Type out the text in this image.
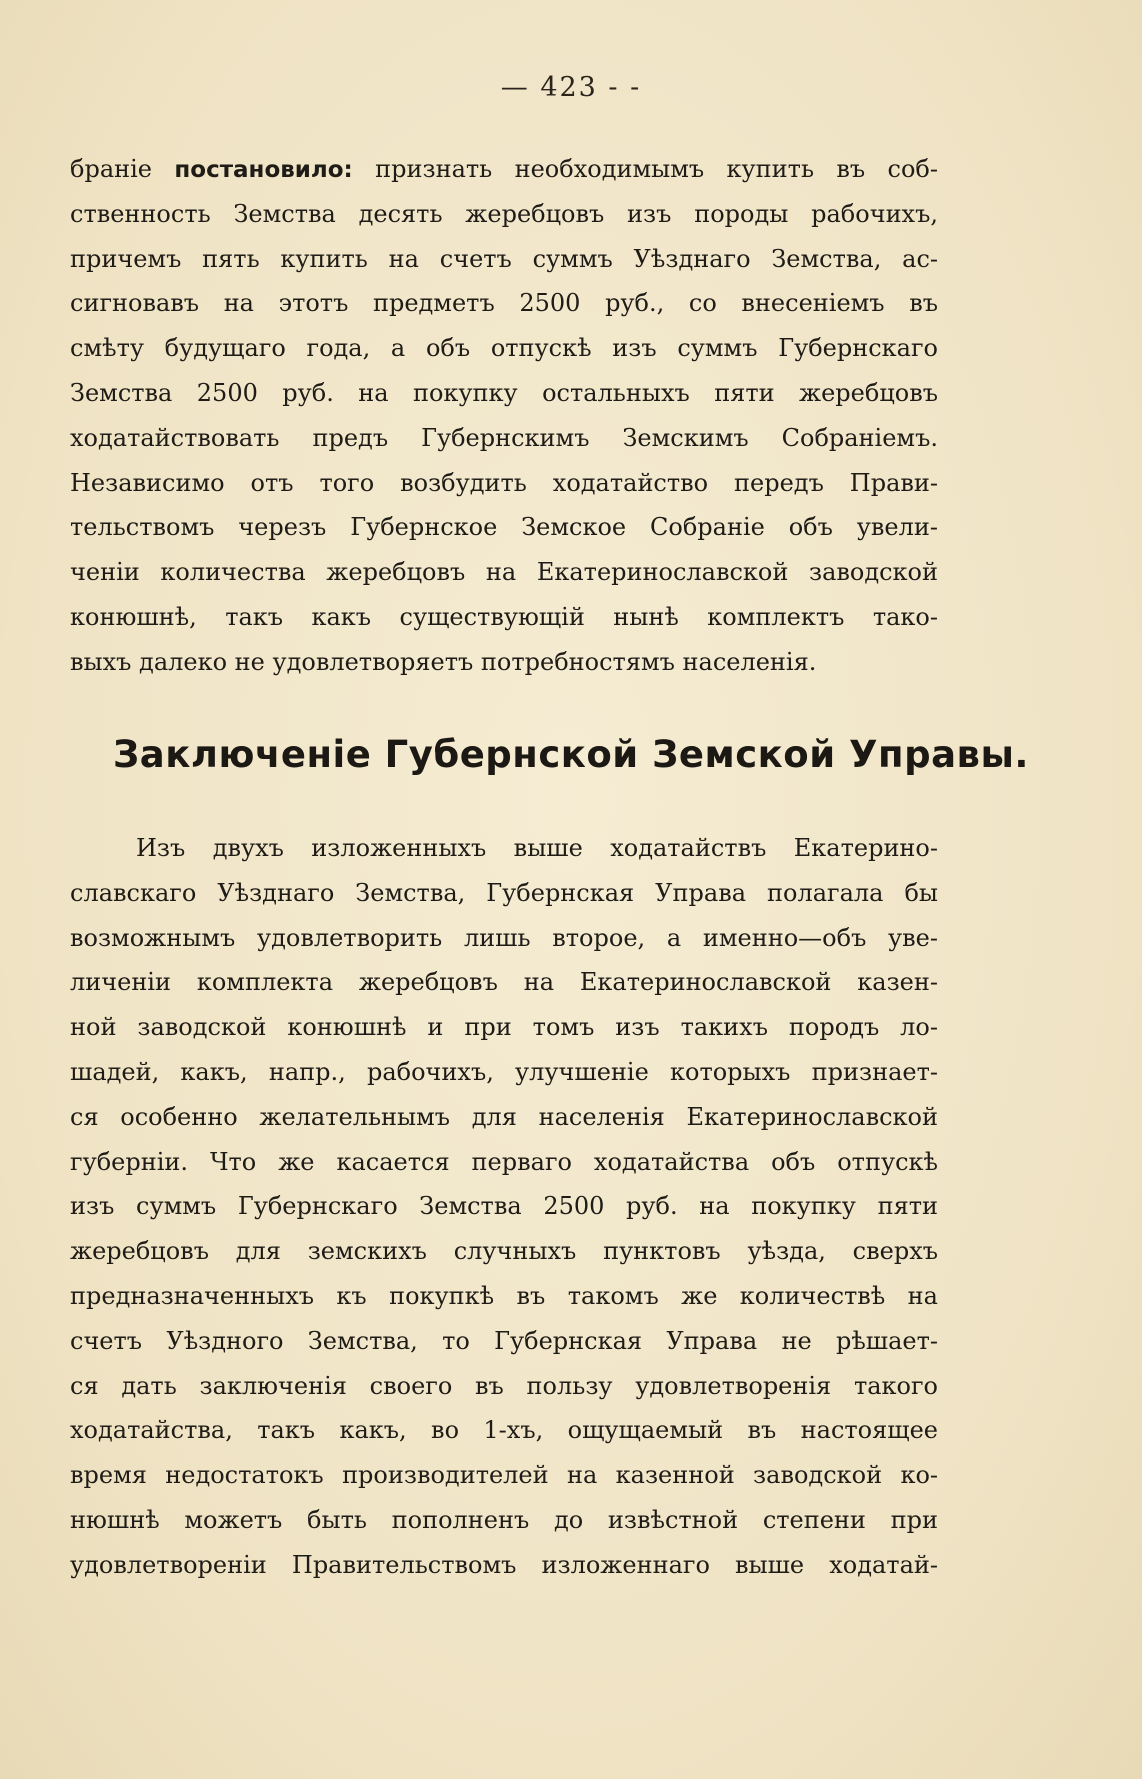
— 423 - -
браніе постановило: признать необходимымъ купить въ соб-
ственность Земства десять жеребцовъ изъ породы рабочихъ,
причемъ пять купить на счетъ суммъ Уѣзднаго Земства, ас-
сигновавъ на этотъ предметъ 2500 руб., со внесеніемъ въ
смѣту будущаго года, а объ отпускѣ изъ суммъ Губернскаго
Земства 2500 руб. на покупку остальныхъ пяти жеребцовъ
ходатайствовать предъ Губернскимъ Земскимъ Собраніемъ.
Независимо отъ того возбудить ходатайство передъ Прави-
тельствомъ черезъ Губернское Земское Собраніе объ увели-
ченіи количества жеребцовъ на Екатеринославской заводской
конюшнѣ, такъ какъ существующій нынѣ комплектъ тако-
выхъ далеко не удовлетворяетъ потребностямъ населенія.
Заключеніе Губернской Земской Управы.
Изъ двухъ изложенныхъ выше ходатайствъ Екатерино-
славскаго Уѣзднаго Земства, Губернская Управа полагала бы
возможнымъ удовлетворить лишь второе, а именно—объ уве-
личеніи комплекта жеребцовъ на Екатеринославской казен-
ной заводской конюшнѣ и при томъ изъ такихъ породъ ло-
шадей, какъ, напр., рабочихъ, улучшеніе которыхъ признает-
ся особенно желательнымъ для населенія Екатеринославской
губерніи. Что же касается перваго ходатайства объ отпускѣ
изъ суммъ Губернскаго Земства 2500 руб. на покупку пяти
жеребцовъ для земскихъ случныхъ пунктовъ уѣзда, сверхъ
предназначенныхъ къ покупкѣ въ такомъ же количествѣ на
счетъ Уѣздного Земства, то Губернская Управа не рѣшает-
ся дать заключенія своего въ пользу удовлетворенія такого
ходатайства, такъ какъ, во 1-хъ, ощущаемый въ настоящее
время недостатокъ производителей на казенной заводской ко-
нюшнѣ можетъ быть пополненъ до извѣстной степени при
удовлетвореніи Правительствомъ изложеннаго выше ходатай-
